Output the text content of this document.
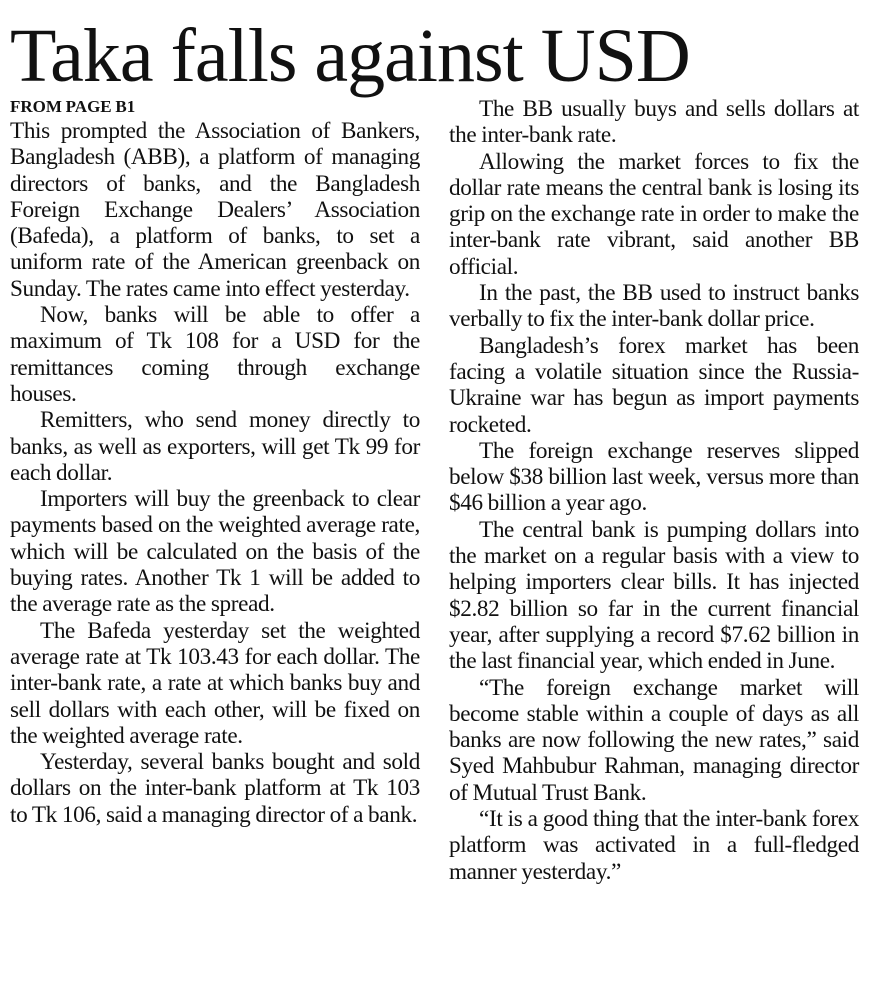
Taka falls against USD
FROM PAGE B1

This prompted the Association of Bankers, Bangladesh (ABB), a platform of managing directors of banks, and the Bangladesh Foreign Exchange Dealers’ Association (Bafeda), a platform of banks, to set a uniform rate of the American greenback on Sunday. The rates came into effect yesterday.

Now, banks will be able to offer a maximum of Tk 108 for a USD for the remittances coming through exchange houses.

Remitters, who send money directly to banks, as well as exporters, will get Tk 99 for each dollar.

Importers will buy the greenback to clear payments based on the weighted average rate, which will be calculated on the basis of the buying rates. Another Tk 1 will be added to the average rate as the spread.

The Bafeda yesterday set the weighted average rate at Tk 103.43 for each dollar. The inter-bank rate, a rate at which banks buy and sell dollars with each other, will be fixed on the weighted average rate.

Yesterday, several banks bought and sold dollars on the inter-bank platform at Tk 103 to Tk 106, said a managing director of a bank.

The BB usually buys and sells dollars at the inter-bank rate.

Allowing the market forces to fix the dollar rate means the central bank is losing its grip on the exchange rate in order to make the inter-bank rate vibrant, said another BB official.

In the past, the BB used to instruct banks verbally to fix the inter-bank dollar price.

Bangladesh’s forex market has been facing a volatile situation since the Russia-Ukraine war has begun as import payments rocketed.

The foreign exchange reserves slipped below $38 billion last week, versus more than $46 billion a year ago.

The central bank is pumping dollars into the market on a regular basis with a view to helping importers clear bills. It has injected $2.82 billion so far in the current financial year, after supplying a record $7.62 billion in the last financial year, which ended in June.

“The foreign exchange market will become stable within a couple of days as all banks are now following the new rates,” said Syed Mahbubur Rahman, managing director of Mutual Trust Bank.

“It is a good thing that the inter-bank forex platform was activated in a full-fledged manner yesterday.”
